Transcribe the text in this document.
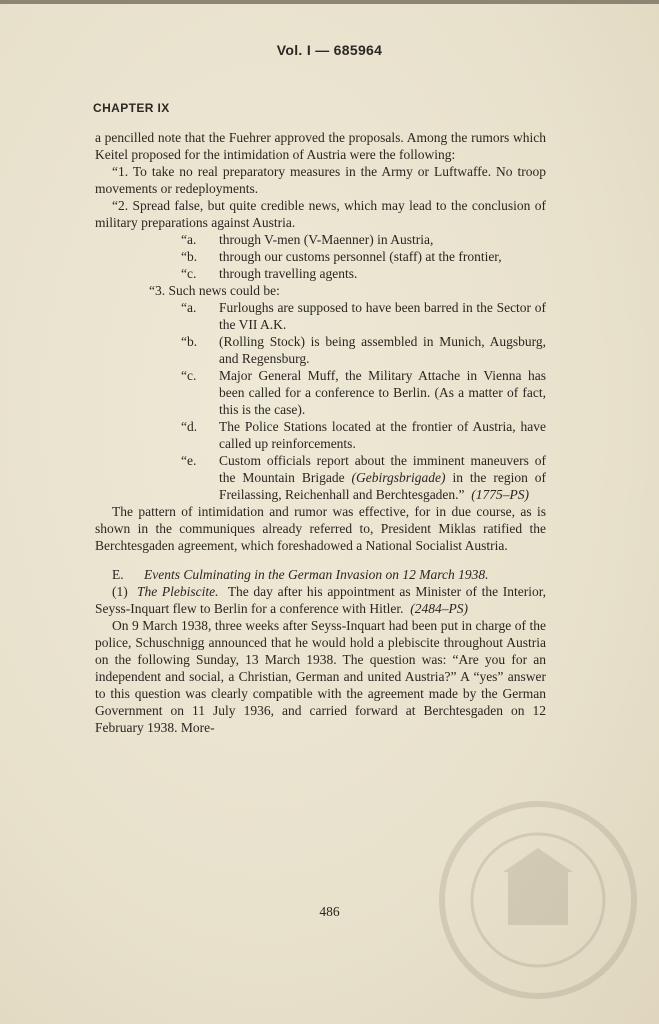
Vol. I — 685964
CHAPTER IX

a pencilled note that the Fuehrer approved the proposals. Among the rumors which Keitel proposed for the intimidation of Austria were the following:

“1. To take no real preparatory measures in the Army or Luftwaffe. No troop movements or redeployments.

“2. Spread false, but quite credible news, which may lead to the conclusion of military preparations against Austria.

“a. through V-men (V-Maenner) in Austria,

“b. through our customs personnel (staff) at the frontier,

“c. through travelling agents.

“3. Such news could be:

“a. Furloughs are supposed to have been barred in the Sector of the VII A.K.

“b. (Rolling Stock) is being assembled in Munich, Augsburg, and Regensburg.

“c. Major General Muff, the Military Attache in Vienna has been called for a conference to Berlin. (As a matter of fact, this is the case).

“d. The Police Stations located at the frontier of Austria, have called up reinforcements.

“e. Custom officials report about the imminent maneuvers of the Mountain Brigade (Gebirgsbrigade) in the region of Freilassing, Reichenhall and Berchtesgaden.” (1775–PS)

The pattern of intimidation and rumor was effective, for in due course, as is shown in the communiques already referred to, President Miklas ratified the Berchtesgaden agreement, which foreshadowed a National Socialist Austria.

E. Events Culminating in the German Invasion on 12 March 1938.

(1) The Plebiscite. The day after his appointment as Minister of the Interior, Seyss-Inquart flew to Berlin for a conference with Hitler. (2484–PS)

On 9 March 1938, three weeks after Seyss-Inquart had been put in charge of the police, Schuschnigg announced that he would hold a plebiscite throughout Austria on the following Sunday, 13 March 1938. The question was: “Are you for an independent and social, a Christian, German and united Austria?” A “yes” answer to this question was clearly compatible with the agreement made by the German Government on 11 July 1936, and carried forward at Berchtesgaden on 12 February 1938. More-

486
